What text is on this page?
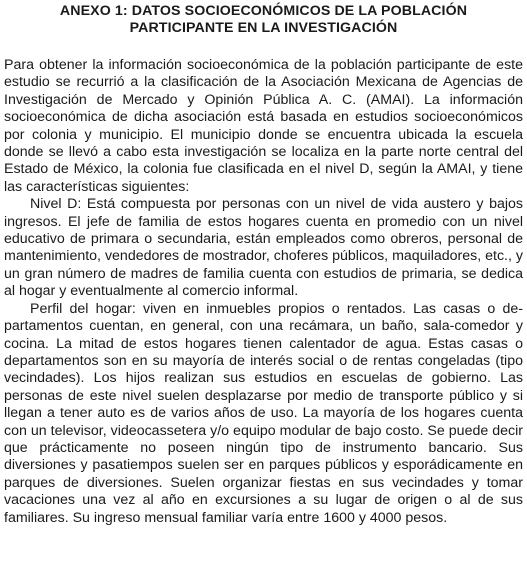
ANEXO 1: DATOS SOCIOECONÓMICOS DE LA POBLACIÓN
PARTICIPANTE EN LA INVESTIGACIÓN

Para obtener la información socioeconómica de la población participante de este estudio se recurrió a la clasificación de la Asociación Mexicana de Agencias de Investigación de Mercado y Opinión Pública A. C. (AMAI). La información socioeconómica de dicha asociación está basada en estudios socioeconómicos por colonia y municipio. El municipio donde se encuentra ubicada la escuela donde se llevó a cabo esta investigación se localiza en la parte norte central del Estado de México, la colonia fue clasificada en el nivel D, según la AMAI, y tiene las características siguientes:

Nivel D: Está compuesta por personas con un nivel de vida austero y bajos ingresos. El jefe de familia de estos hogares cuenta en promedio con un nivel educativo de primara o secundaria, están empleados como obreros, personal de mantenimiento, vendedores de mostrador, choferes públicos, maquiladores, etc., y un gran número de madres de familia cuenta con estudios de primaria, se dedica al hogar y eventualmente al comercio informal.

Perfil del hogar: viven en inmuebles propios o rentados. Las casas o departamentos cuentan, en general, con una recámara, un baño, sala-comedor y cocina. La mitad de estos hogares tienen calentador de agua. Estas casas o departamentos son en su mayoría de interés social o de rentas congeladas (tipo vecindades). Los hijos realizan sus estudios en escuelas de gobierno. Las personas de este nivel suelen desplazarse por medio de transporte público y si llegan a tener auto es de varios años de uso. La mayoría de los hogares cuenta con un televisor, videocassetera y/o equipo modular de bajo costo. Se puede decir que prácticamente no poseen ningún tipo de instrumento bancario. Sus diversiones y pasatiempos suelen ser en parques públicos y esporádicamente en parques de diversiones. Suelen organizar fiestas en sus vecindades y tomar vacaciones una vez al año en excursiones a su lugar de origen o al de sus familiares. Su ingreso mensual familiar varía entre 1600 y 4000 pesos.
